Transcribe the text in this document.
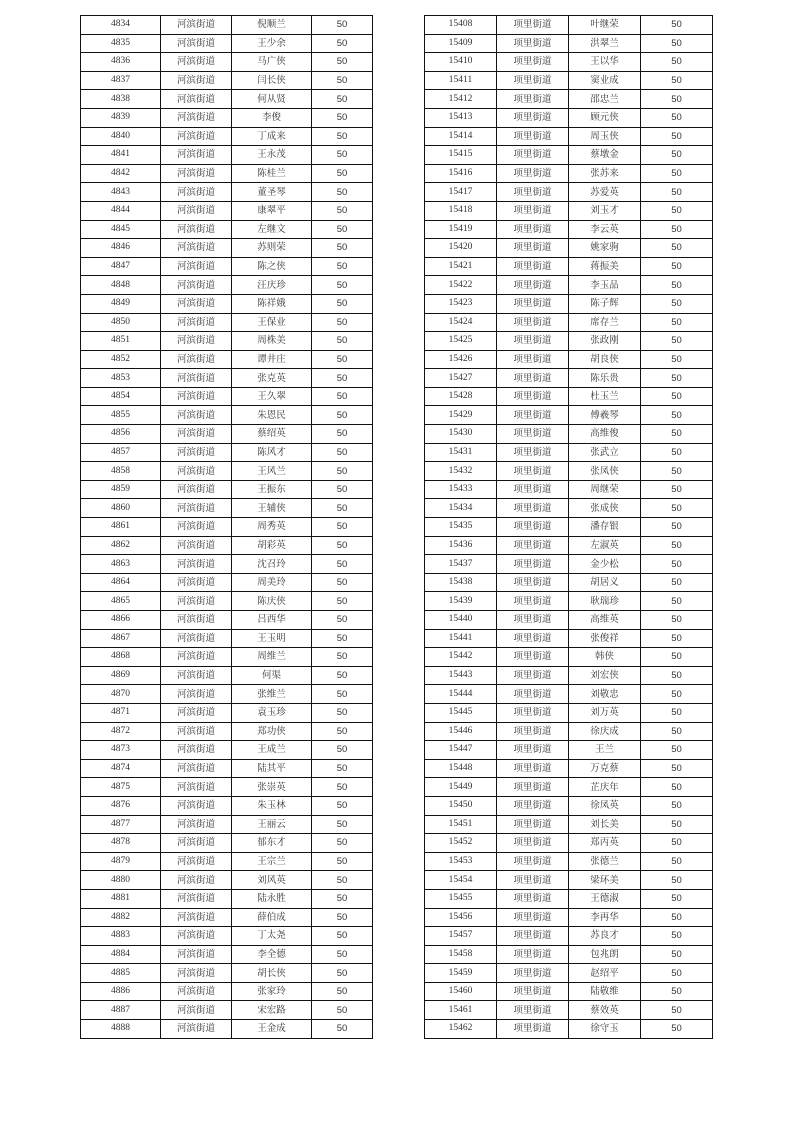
4834	河滨街道	倪顺兰	50
4835	河滨街道	王少余	50
4836	河滨街道	马广侠	50
4837	河滨街道	闫长侠	50
4838	河滨街道	何从贤	50
4839	河滨街道	李俊	50
4840	河滨街道	丁成来	50
4841	河滨街道	王永茂	50
4842	河滨街道	陈桂兰	50
4843	河滨街道	董圣琴	50
4844	河滨街道	康翠平	50
4845	河滨街道	左继文	50
4846	河滨街道	苏则荣	50
4847	河滨街道	陈之侠	50
4848	河滨街道	汪庆珍	50
4849	河滨街道	陈祥娥	50
4850	河滨街道	王保业	50
4851	河滨街道	周株美	50
4852	河滨街道	谭井庄	50
4853	河滨街道	张克英	50
4854	河滨街道	王久翠	50
4855	河滨街道	朱恩民	50
4856	河滨街道	蔡绍英	50
4857	河滨街道	陈风才	50
4858	河滨街道	王风兰	50
4859	河滨街道	王振东	50
4860	河滨街道	王辅侠	50
4861	河滨街道	周秀英	50
4862	河滨街道	胡彩英	50
4863	河滨街道	沈召玲	50
4864	河滨街道	周美玲	50
4865	河滨街道	陈庆侠	50
4866	河滨街道	吕西华	50
4867	河滨街道	王玉明	50
4868	河滨街道	周维兰	50
4869	河滨街道	何渠	50
4870	河滨街道	张维兰	50
4871	河滨街道	袁玉珍	50
4872	河滨街道	郑功侠	50
4873	河滨街道	王成兰	50
4874	河滨街道	陆其平	50
4875	河滨街道	张崇英	50
4876	河滨街道	朱玉林	50
4877	河滨街道	王丽云	50
4878	河滨街道	郁东才	50
4879	河滨街道	王宗兰	50
4880	河滨街道	刘风英	50
4881	河滨街道	陆永胜	50
4882	河滨街道	薛伯成	50
4883	河滨街道	丁太尧	50
4884	河滨街道	李全德	50
4885	河滨街道	胡长侠	50
4886	河滨街道	张家玲	50
4887	河滨街道	宋宏路	50
4888	河滨街道	王金成	50
15408	项里街道	叶继荣	50
15409	项里街道	洪翠兰	50
15410	项里街道	王以华	50
15411	项里街道	窦业成	50
15412	项里街道	邵忠兰	50
15413	项里街道	顾元侠	50
15414	项里街道	周玉侠	50
15415	项里街道	蔡墩金	50
15416	项里街道	张苏来	50
15417	项里街道	苏爱英	50
15418	项里街道	刘玉才	50
15419	项里街道	李云英	50
15420	项里街道	姚家驹	50
15421	项里街道	蒋振美	50
15422	项里街道	李玉品	50
15423	项里街道	陈子辉	50
15424	项里街道	席存兰	50
15425	项里街道	张政刚	50
15426	项里街道	胡良侠	50
15427	项里街道	陈乐贵	50
15428	项里街道	杜玉兰	50
15429	项里街道	傅羲琴	50
15430	项里街道	高维俊	50
15431	项里街道	张武立	50
15432	项里街道	张凤侠	50
15433	项里街道	周继荣	50
15434	项里街道	张成侠	50
15435	项里街道	潘存银	50
15436	项里街道	左淑英	50
15437	项里街道	金少松	50
15438	项里街道	胡居义	50
15439	项里街道	耿瑞珍	50
15440	项里街道	高维英	50
15441	项里街道	张俊祥	50
15442	项里街道	韩侠	50
15443	项里街道	刘宏侠	50
15444	项里街道	刘敬忠	50
15445	项里街道	刘万英	50
15446	项里街道	徐庆成	50
15447	项里街道	王兰	50
15448	项里街道	万克蔡	50
15449	项里街道	芷庆年	50
15450	项里街道	徐凤英	50
15451	项里街道	刘长美	50
15452	项里街道	郑丙英	50
15453	项里街道	张德兰	50
15454	项里街道	梁环美	50
15455	项里街道	王德淑	50
15456	项里街道	李再华	50
15457	项里街道	苏良才	50
15458	项里街道	包兆朗	50
15459	项里街道	赵绍平	50
15460	项里街道	陆敬维	50
15461	项里街道	蔡效英	50
15462	项里街道	徐守玉	50
